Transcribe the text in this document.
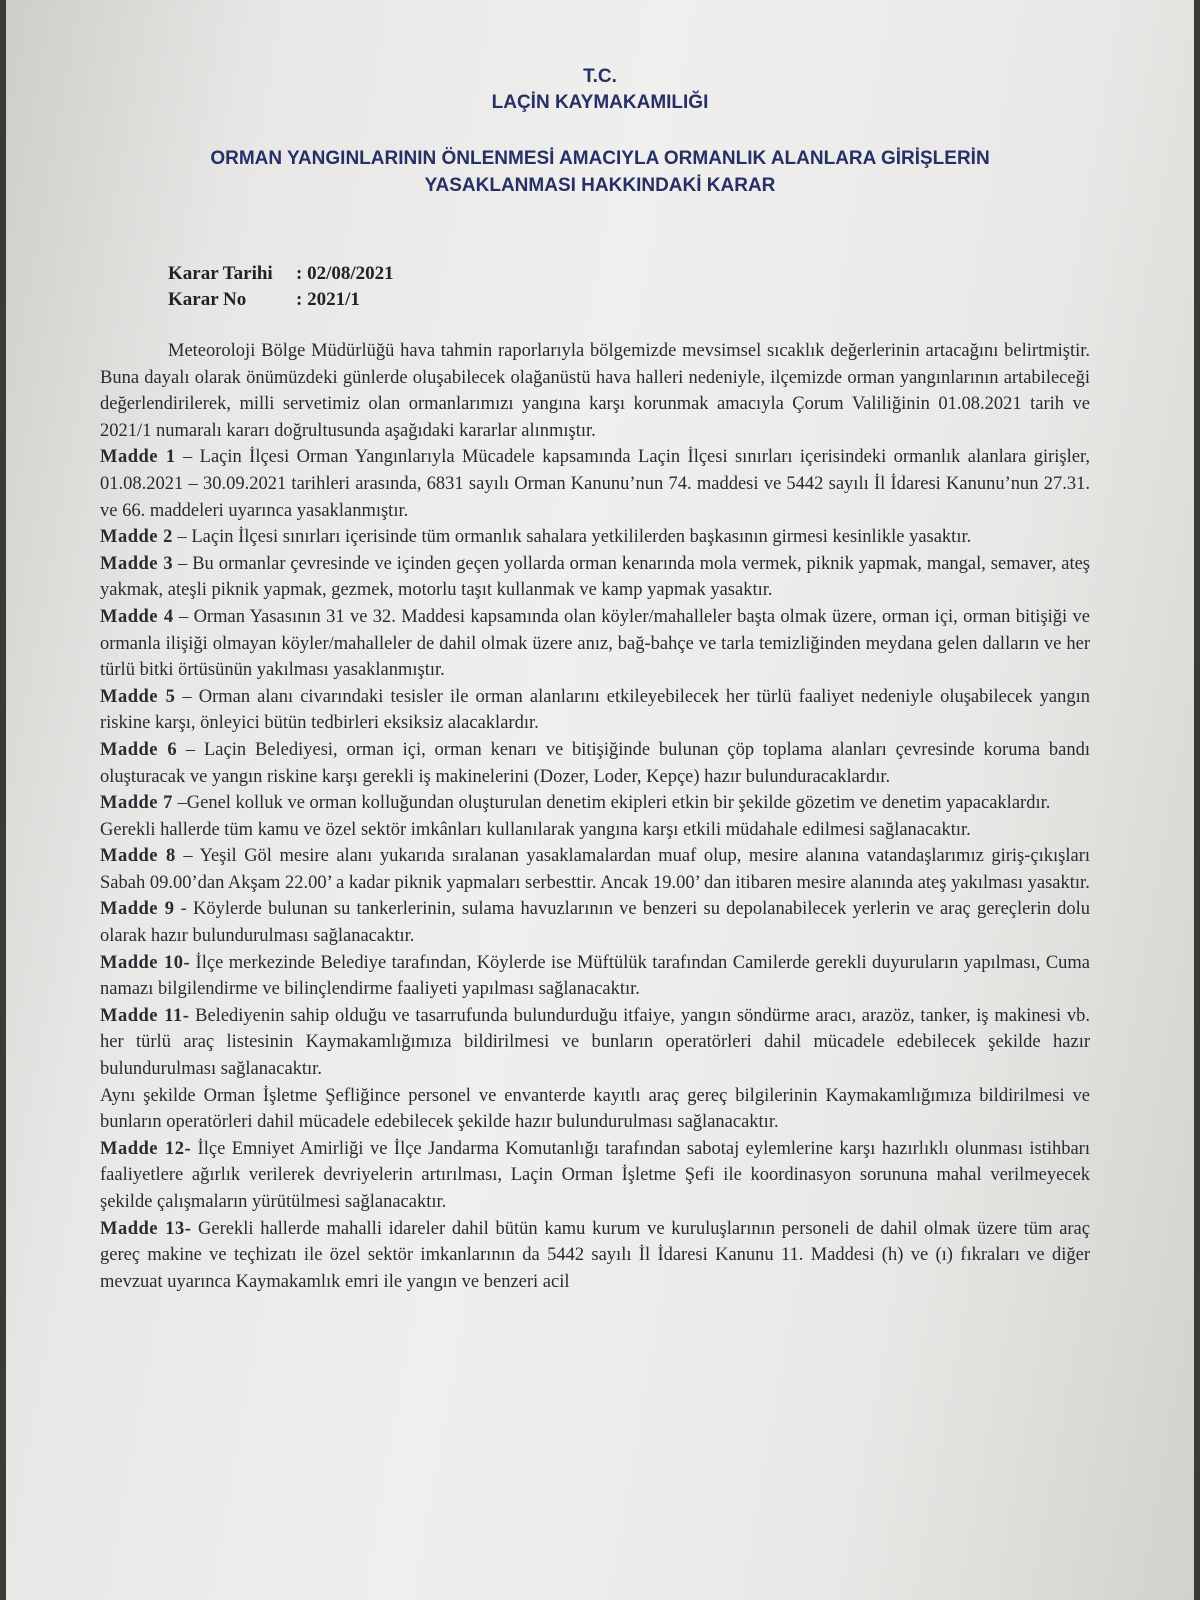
T.C.
LAÇİN KAYMAKAMILIĞI
ORMAN YANGINLARININ ÖNLENMESİ AMACIYLA ORMANLIK ALANLARA GİRİŞLERİN
YASAKLANMASI HAKKINDAKİ KARAR
Karar Tarihi : 02/08/2021
Karar No	: 2021/1

Meteoroloji Bölge Müdürlüğü hava tahmin raporlarıyla bölgemizde mevsimsel sıcaklık değerlerinin artacağını belirtmiştir. Buna dayalı olarak önümüzdeki günlerde oluşabilecek olağanüstü hava halleri nedeniyle, ilçemizde orman yangınlarının artabileceği değerlendirilerek, milli servetimiz olan ormanlarımızı yangına karşı korunmak amacıyla Çorum Valiliğinin 01.08.2021 tarih ve 2021/1 numaralı kararı doğrultusunda aşağıdaki kararlar alınmıştır.

Madde 1 – Laçin İlçesi Orman Yangınlarıyla Mücadele kapsamında Laçin İlçesi sınırları içerisindeki ormanlık alanlara girişler, 01.08.2021 – 30.09.2021 tarihleri arasında, 6831 sayılı Orman Kanunu’nun 74. maddesi ve 5442 sayılı İl İdaresi Kanunu’nun 27.31. ve 66. maddeleri uyarınca yasaklanmıştır.

Madde 2 – Laçin İlçesi sınırları içerisinde tüm ormanlık sahalara yetkililerden başkasının girmesi kesinlikle yasaktır.

Madde 3 – Bu ormanlar çevresinde ve içinden geçen yollarda orman kenarında mola vermek, piknik yapmak, mangal, semaver, ateş yakmak, ateşli piknik yapmak, gezmek, motorlu taşıt kullanmak ve kamp yapmak yasaktır.

Madde 4 – Orman Yasasının 31 ve 32. Maddesi kapsamında olan köyler/mahalleler başta olmak üzere, orman içi, orman bitişiği ve ormanla ilişiği olmayan köyler/mahalleler de dahil olmak üzere anız, bağ-bahçe ve tarla temizliğinden meydana gelen dalların ve her türlü bitki örtüsünün yakılması yasaklanmıştır.

Madde 5 – Orman alanı civarındaki tesisler ile orman alanlarını etkileyebilecek her türlü faaliyet nedeniyle oluşabilecek yangın riskine karşı, önleyici bütün tedbirleri eksiksiz alacaklardır.

Madde 6 – Laçin Belediyesi, orman içi, orman kenarı ve bitişiğinde bulunan çöp toplama alanları çevresinde koruma bandı oluşturacak ve yangın riskine karşı gerekli iş makinelerini (Dozer, Loder, Kepçe) hazır bulunduracaklardır.

Madde 7 –Genel kolluk ve orman kolluğundan oluşturulan denetim ekipleri etkin bir şekilde gözetim ve denetim yapacaklardır.

Gerekli hallerde tüm kamu ve özel sektör imkânları kullanılarak yangına karşı etkili müdahale edilmesi sağlanacaktır.

Madde 8 – Yeşil Göl mesire alanı yukarıda sıralanan yasaklamalardan muaf olup, mesire alanına vatandaşlarımız giriş-çıkışları Sabah 09.00’dan Akşam 22.00’ a kadar piknik yapmaları serbesttir. Ancak 19.00’ dan itibaren mesire alanında ateş yakılması yasaktır.

Madde 9 - Köylerde bulunan su tankerlerinin, sulama havuzlarının ve benzeri su depolanabilecek yerlerin ve araç gereçlerin dolu olarak hazır bulundurulması sağlanacaktır.

Madde 10- İlçe merkezinde Belediye tarafından, Köylerde ise Müftülük tarafından Camilerde gerekli duyuruların yapılması, Cuma namazı bilgilendirme ve bilinçlendirme faaliyeti yapılması sağlanacaktır.

Madde 11- Belediyenin sahip olduğu ve tasarrufunda bulundurduğu itfaiye, yangın söndürme aracı, arazöz, tanker, iş makinesi vb. her türlü araç listesinin Kaymakamlığımıza bildirilmesi ve bunların operatörleri dahil mücadele edebilecek şekilde hazır bulundurulması sağlanacaktır.

Aynı şekilde Orman İşletme Şefliğince personel ve envanterde kayıtlı araç gereç bilgilerinin Kaymakamlığımıza bildirilmesi ve bunların operatörleri dahil mücadele edebilecek şekilde hazır bulundurulması sağlanacaktır.

Madde 12- İlçe Emniyet Amirliği ve İlçe Jandarma Komutanlığı tarafından sabotaj eylemlerine karşı hazırlıklı olunması istihbarı faaliyetlere ağırlık verilerek devriyelerin artırılması, Laçin Orman İşletme Şefi ile koordinasyon sorununa mahal verilmeyecek şekilde çalışmaların yürütülmesi sağlanacaktır.

Madde 13- Gerekli hallerde mahalli idareler dahil bütün kamu kurum ve kuruluşlarının personeli de dahil olmak üzere tüm araç gereç makine ve teçhizatı ile özel sektör imkanlarının da 5442 sayılı İl İdaresi Kanunu 11. Maddesi (h) ve (ı) fıkraları ve diğer mevzuat uyarınca Kaymakamlık emri ile yangın ve benzeri acil
